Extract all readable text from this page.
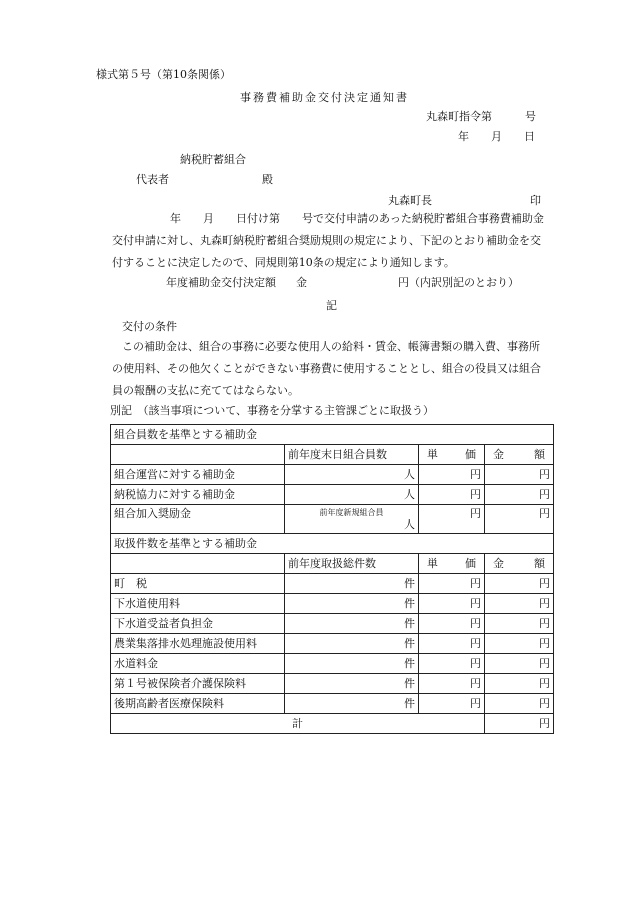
様式第５号（第10条関係）
事務費補助金交付決定通知書
丸森町指令第　　　号
年　　月　　日
納税貯蓄組合
代表者	殿
丸森町長	印
年　　月　　日付け第　　号で交付申請のあった納税貯蓄組合事務費補助金
交付申請に対し、丸森町納税貯蓄組合奨励規則の規定により、下記のとおり補助金を交
付することに決定したので、同規則第10条の規定により通知します。
年度補助金交付決定額 金	円（内訳別記のとおり）
記
交付の条件
この補助金は、組合の事務に必要な使用人の給料・賃金、帳簿書類の購入費、事務所
の使用料、その他欠くことができない事務費に使用することとし、組合の役員又は組合
員の報酬の支払に充ててはならない。
別記　（該当事項について、事務を分掌する主管課ごとに取扱う）
組合員数を基準とする補助金			
	前年度末日組合員数	単 価	金 額

組合運営に対する補助金	人	円	円
納税協力に対する補助金	人	円	円
組合加入奨励金	前年度新規組合員
人	円	円
取扱件数を基準とする補助金			
	前年度取扱総件数	単 価	金 額

町　税	件	円	円
下水道使用料	件	円	円
下水道受益者負担金	件	円	円
農業集落排水処理施設使用料	件	円	円
水道料金	件	円	円
第１号被保険者介護保険料	件	円	円
後期高齢者医療保険料	件	円	円
計			円
